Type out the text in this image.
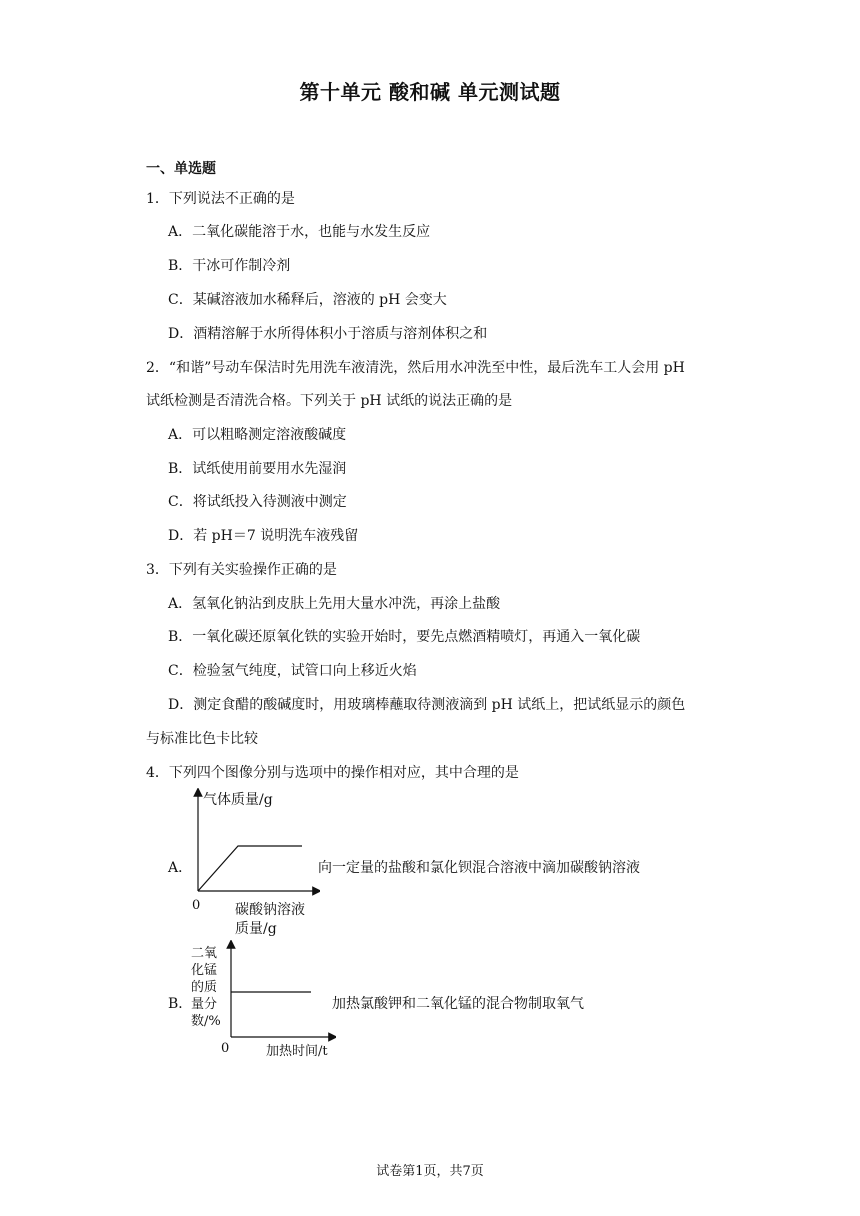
第十单元 酸和碱 单元测试题
一、单选题
1．下列说法不正确的是
A．二氧化碳能溶于水，也能与水发生反应
B．干冰可作制冷剂
C．某碱溶液加水稀释后，溶液的 pH 会变大
D．酒精溶解于水所得体积小于溶质与溶剂体积之和
2．“和谐”号动车保洁时先用洗车液清洗，然后用水冲洗至中性，最后洗车工人会用 pH
试纸检测是否清洗合格。下列关于 pH 试纸的说法正确的是
A．可以粗略测定溶液酸碱度
B．试纸使用前要用水先湿润
C．将试纸投入待测液中测定
D．若 pH＝7 说明洗车液残留
3．下列有关实验操作正确的是
A．氢氧化钠沾到皮肤上先用大量水冲洗，再涂上盐酸
B．一氧化碳还原氧化铁的实验开始时，要先点燃酒精喷灯，再通入一氧化碳
C．检验氢气纯度，试管口向上移近火焰
D．测定食醋的酸碱度时，用玻璃棒蘸取待测液滴到 pH 试纸上，把试纸显示的颜色
与标准比色卡比较
4．下列四个图像分别与选项中的操作相对应，其中合理的是
A．
气体质量/g
0 碳酸钠溶液
质量/g
向一定量的盐酸和氯化钡混合溶液中滴加碳酸钠溶液
B．
二氧
化锰
的质
量分
数/%
0	加热时间/t
加热氯酸钾和二氧化锰的混合物制取氧气
试卷第1页，共7页
